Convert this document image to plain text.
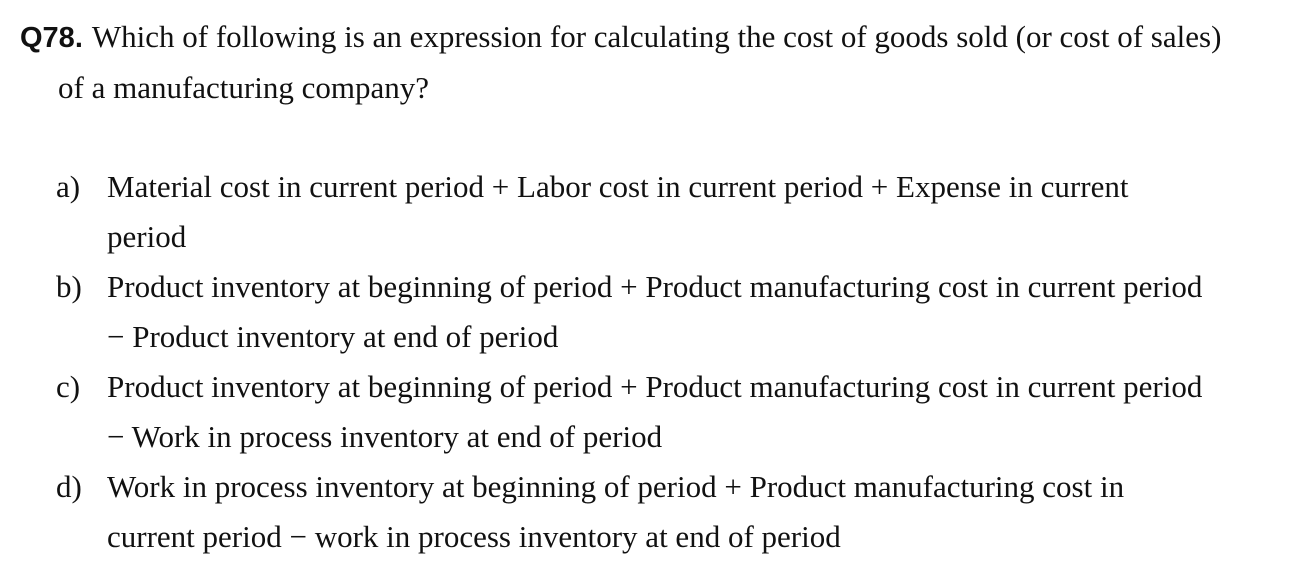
Q78. Which of following is an expression for calculating the cost of goods sold (or cost of sales)
of a manufacturing company?
a) Material cost in current period + Labor cost in current period + Expense in current
period
b) Product inventory at beginning of period + Product manufacturing cost in current period
− Product inventory at end of period
c) Product inventory at beginning of period + Product manufacturing cost in current period
− Work in process inventory at end of period
d) Work in process inventory at beginning of period + Product manufacturing cost in
current period − work in process inventory at end of period
